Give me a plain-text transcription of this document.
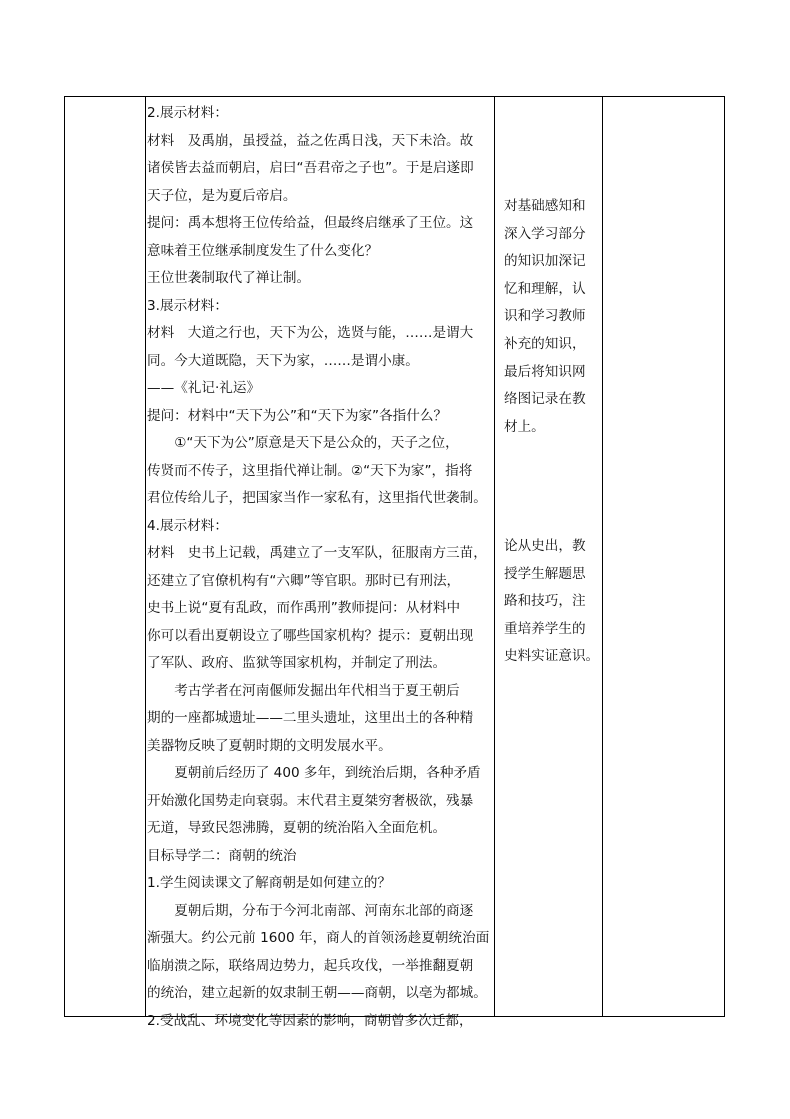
2.展示材料：

材料　及禹崩，虽授益，益之佐禹日浅，天下未洽。故

诸侯皆去益而朝启，启曰“吾君帝之子也”。于是启遂即

天子位，是为夏后帝启。

提问：禹本想将王位传给益，但最终启继承了王位。这

意味着王位继承制度发生了什么变化？

王位世袭制取代了禅让制。

3.展示材料：

材料　大道之行也，天下为公，选贤与能，……是谓大

同。今大道既隐，天下为家，……是谓小康。

——《礼记·礼运》

提问：材料中“天下为公”和“天下为家”各指什么？

①“天下为公”原意是天下是公众的，天子之位，

传贤而不传子，这里指代禅让制。②“天下为家”，指将

君位传给儿子，把国家当作一家私有，这里指代世袭制。

4.展示材料：

材料　史书上记载，禹建立了一支军队，征服南方三苗，

还建立了官僚机构有“六卿”等官职。那时已有刑法，

史书上说“夏有乱政，而作禹刑”教师提问：从材料中

你可以看出夏朝设立了哪些国家机构？提示：夏朝出现

了军队、政府、监狱等国家机构，并制定了刑法。

考古学者在河南偃师发掘出年代相当于夏王朝后

期的一座都城遗址——二里头遗址，这里出土的各种精

美器物反映了夏朝时期的文明发展水平。

夏朝前后经历了 400 多年，到统治后期，各种矛盾

开始激化国势走向衰弱。末代君主夏桀穷奢极欲，残暴

无道，导致民怨沸腾，夏朝的统治陷入全面危机。

目标导学二：商朝的统治

1.学生阅读课文了解商朝是如何建立的？

夏朝后期，分布于今河北南部、河南东北部的商逐

渐强大。约公元前 1600 年，商人的首领汤趁夏朝统治面

临崩溃之际，联络周边势力，起兵攻伐，一举推翻夏朝

的统治，建立起新的奴隶制王朝——商朝，以亳为都城。

2.受战乱、环境变化等因素的影响，商朝曾多次迁都，

对基础感知和

深入学习部分

的知识加深记

忆和理解，认

识和学习教师

补充的知识，

最后将知识网

络图记录在教

材上。

论从史出，教

授学生解题思

路和技巧，注

重培养学生的

史料实证意识。
